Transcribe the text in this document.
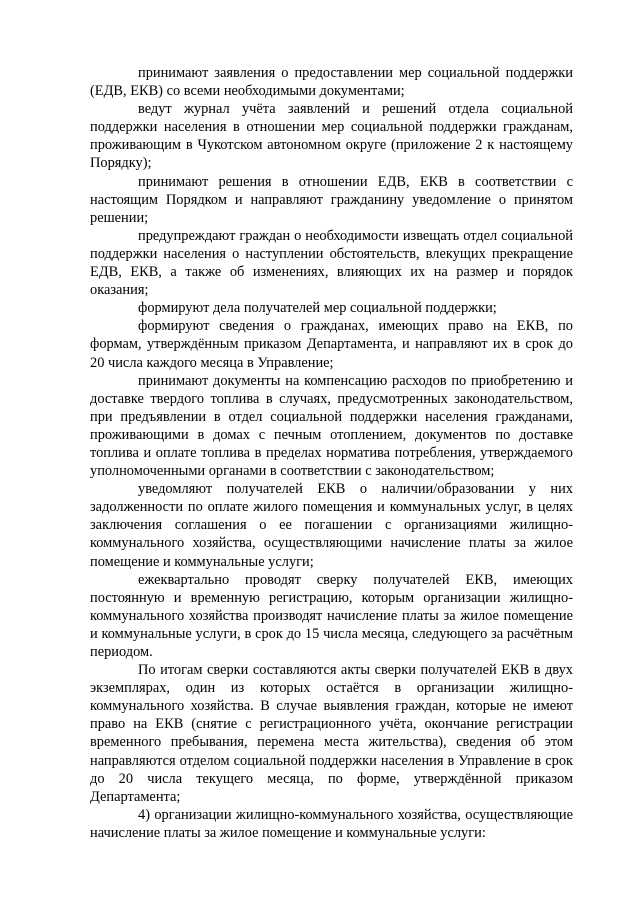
принимают заявления о предоставлении мер социальной поддержки (ЕДВ, ЕКВ) со всеми необходимыми документами;

ведут журнал учёта заявлений и решений отдела социальной поддержки населения в отношении мер социальной поддержки гражданам, проживающим в Чукотском автономном округе (приложение 2 к настоящему Порядку);

принимают решения в отношении ЕДВ, ЕКВ в соответствии с настоящим Порядком и направляют гражданину уведомление о принятом решении;

предупреждают граждан о необходимости извещать отдел социальной поддержки населения о наступлении обстоятельств, влекущих прекращение ЕДВ, ЕКВ, а также об изменениях, влияющих их на размер и порядок оказания;

формируют дела получателей мер социальной поддержки;

формируют сведения о гражданах, имеющих право на ЕКВ, по формам, утверждённым приказом Департамента, и направляют их в срок до 20 числа каждого месяца в Управление;

принимают документы на компенсацию расходов по приобретению и доставке твердого топлива в случаях, предусмотренных законодательством, при предъявлении в отдел социальной поддержки населения гражданами, проживающими в домах с печным отоплением, документов по доставке топлива и оплате топлива в пределах норматива потребления, утверждаемого уполномоченными органами в соответствии с законодательством;

уведомляют получателей ЕКВ о наличии/образовании у них задолженности по оплате жилого помещения и коммунальных услуг, в целях заключения соглашения о ее погашении с организациями жилищно-коммунального хозяйства, осуществляющими начисление платы за жилое помещение и коммунальные услуги;

ежеквартально проводят сверку получателей ЕКВ, имеющих постоянную и временную регистрацию, которым организации жилищно-коммунального хозяйства производят начисление платы за жилое помещение и коммунальные услуги, в срок до 15 числа месяца, следующего за расчётным периодом.

По итогам сверки составляются акты сверки получателей ЕКВ в двух экземплярах, один из которых остаётся в организации жилищно-коммунального хозяйства. В случае выявления граждан, которые не имеют право на ЕКВ (снятие с регистрационного учёта, окончание регистрации временного пребывания, перемена места жительства), сведения об этом направляются отделом социальной поддержки населения в Управление в срок до 20 числа текущего месяца, по форме, утверждённой приказом Департамента;

4) организации жилищно-коммунального хозяйства, осуществляющие начисление платы за жилое помещение и коммунальные услуги:
